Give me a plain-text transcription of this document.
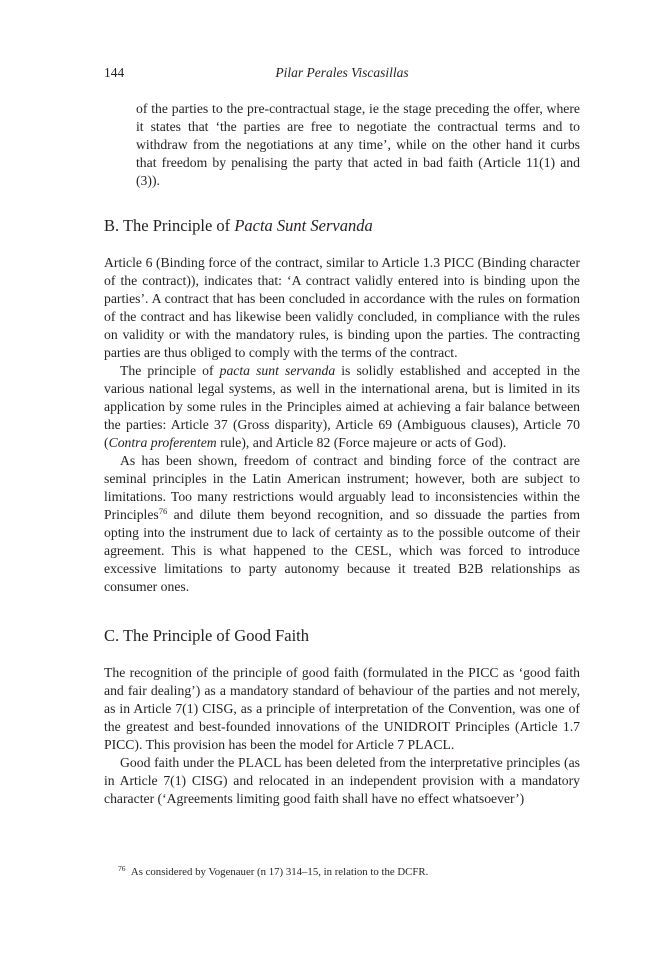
144	Pilar Perales Viscasillas

of the parties to the pre-contractual stage, ie the stage preceding the offer, where it states that ‘the parties are free to negotiate the contractual terms and to withdraw from the negotiations at any time’, while on the other hand it curbs that freedom by penalising the party that acted in bad faith (Article 11(1) and (3)).

B. The Principle of Pacta Sunt Servanda

Article 6 (Binding force of the contract, similar to Article 1.3 PICC (Binding character of the contract)), indicates that: ‘A contract validly entered into is binding upon the parties’. A contract that has been concluded in accordance with the rules on formation of the contract and has likewise been validly concluded, in compliance with the rules on validity or with the mandatory rules, is binding upon the parties. The contracting parties are thus obliged to comply with the terms of the contract.

The principle of pacta sunt servanda is solidly established and accepted in the various national legal systems, as well in the international arena, but is limited in its application by some rules in the Principles aimed at achieving a fair balance between the parties: Article 37 (Gross disparity), Article 69 (Ambiguous clauses), Article 70 (Contra proferentem rule), and Article 82 (Force majeure or acts of God).

As has been shown, freedom of contract and binding force of the contract are seminal principles in the Latin American instrument; however, both are subject to limitations. Too many restrictions would arguably lead to inconsistencies within the Principles$^{76}$ and dilute them beyond recognition, and so dissuade the parties from opting into the instrument due to lack of certainty as to the possible outcome of their agreement. This is what happened to the CESL, which was forced to introduce excessive limitations to party autonomy because it treated B2B relationships as consumer ones.

C. The Principle of Good Faith

The recognition of the principle of good faith (formulated in the PICC as ‘good faith and fair dealing’) as a mandatory standard of behaviour of the parties and not merely, as in Article 7(1) CISG, as a principle of interpretation of the Convention, was one of the greatest and best-founded innovations of the UNIDROIT Principles (Article 1.7 PICC). This provision has been the model for Article 7 PLACL.

Good faith under the PLACL has been deleted from the interpretative principles (as in Article 7(1) CISG) and relocated in an independent provision with a mandatory character (‘Agreements limiting good faith shall have no effect whatsoever’)

$^{76}$ As considered by Vogenauer (n 17) 314–15, in relation to the DCFR.
